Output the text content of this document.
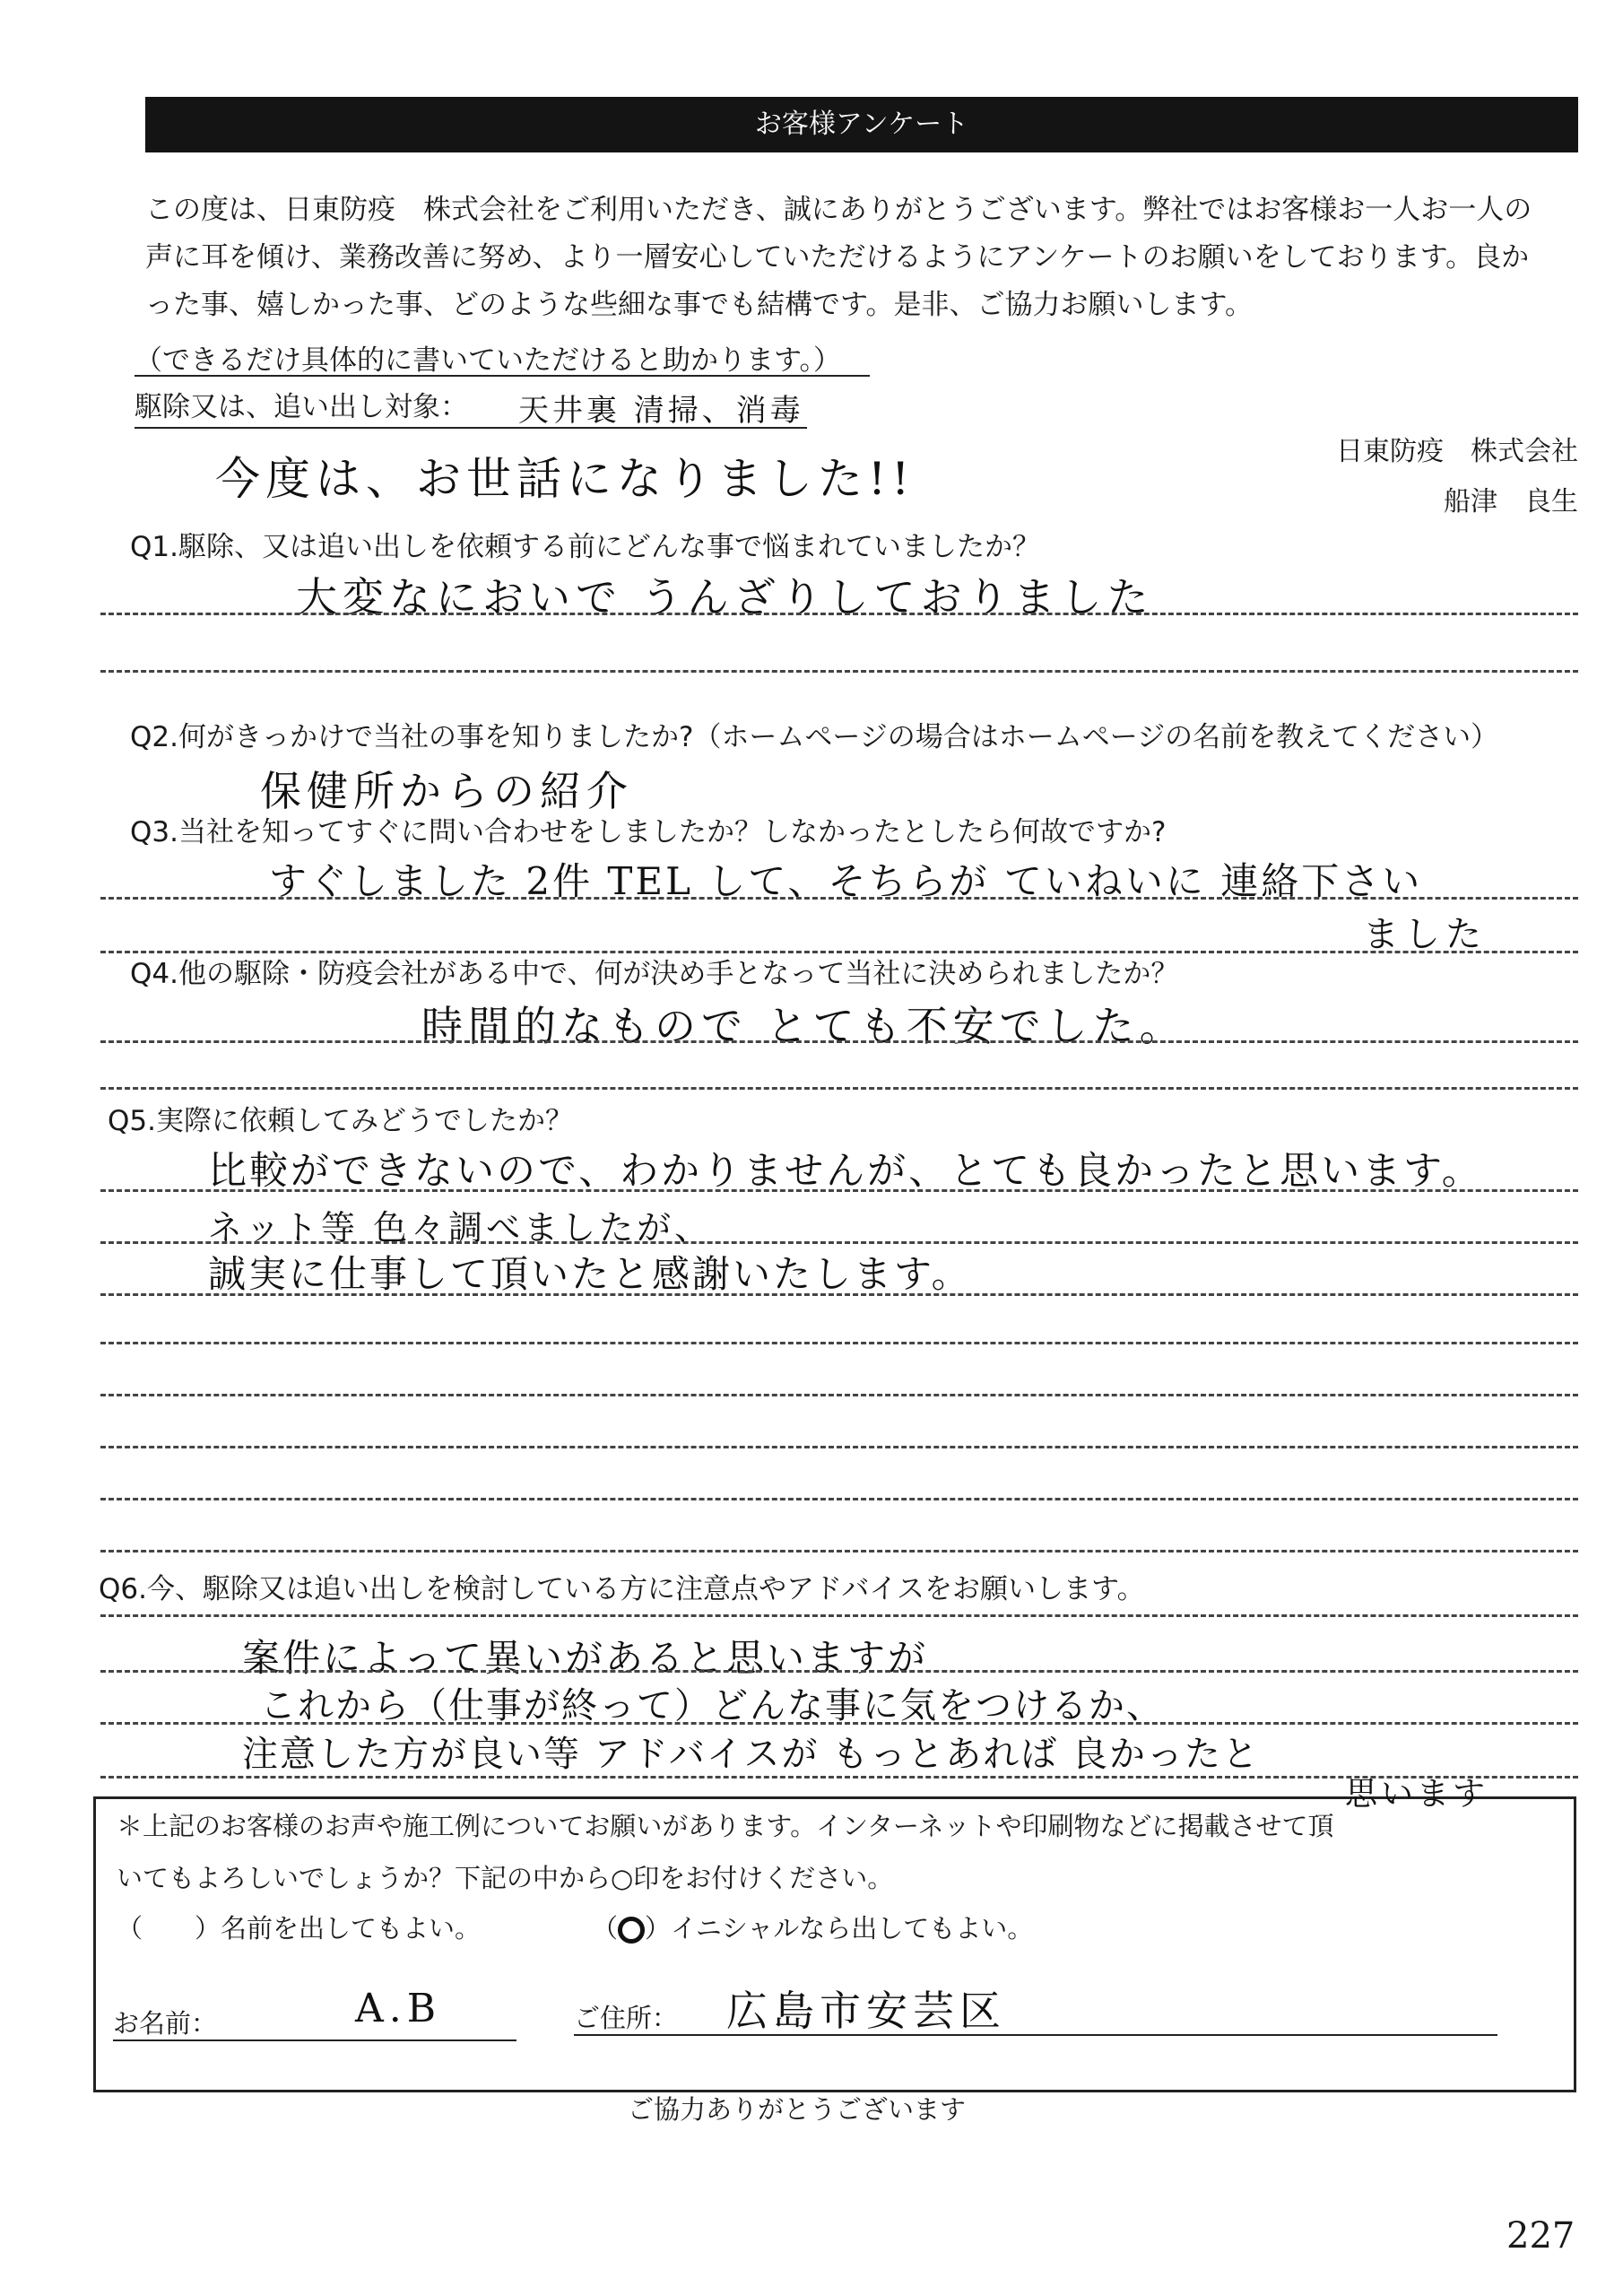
お客様アンケート
この度は、日東防疫　株式会社をご利用いただき、誠にありがとうございます。弊社ではお客様お一人お一人の
声に耳を傾け、業務改善に努め、より一層安心していただけるようにアンケートのお願いをしております。良か
った事、嬉しかった事、どのような些細な事でも結構です。是非、ご協力お願いします。
（できるだけ具体的に書いていただけると助かります。）
駆除又は、追い出し対象： 天井裏 清掃、消毒
今度は、お世話になりました!!
日東防疫　株式会社
船津　良生
Q1.駆除、又は追い出しを依頼する前にどんな事で悩まれていましたか？
大変なにおいで うんざりしておりました
Q2.何がきっかけで当社の事を知りましたか?（ホームページの場合はホームページの名前を教えてください）
保健所からの紹介
Q3.当社を知ってすぐに問い合わせをしましたか？しなかったとしたら何故ですか?
すぐしました 2件 TEL して、そちらが ていねいに 連絡下さい
ました
Q4.他の駆除・防疫会社がある中で、何が決め手となって当社に決められましたか？
時間的なもので とても不安でした。
Q5.実際に依頼してみどうでしたか？
比較ができないので、わかりませんが、とても良かったと思います。
ネット等 色々調べましたが、
誠実に仕事して頂いたと感謝いたします。
Q6.今、駆除又は追い出しを検討している方に注意点やアドバイスをお願いします。
案件によって異いがあると思いますが
これから（仕事が終って）どんな事に気をつけるか、
注意した方が良い等 アドバイスが もっとあれば 良かったと
＊上記のお客様のお声や施工例についてお願いがあります。インターネットや印刷物などに掲載させて頂
思います
いてもよろしいでしょうか？下記の中から○印をお付けください。
（　　）名前を出してもよい。	（○）イニシャルなら出してもよい。
お名前：	A.B	ご住所： 広島市安芸区
ご協力ありがとうございます
227
